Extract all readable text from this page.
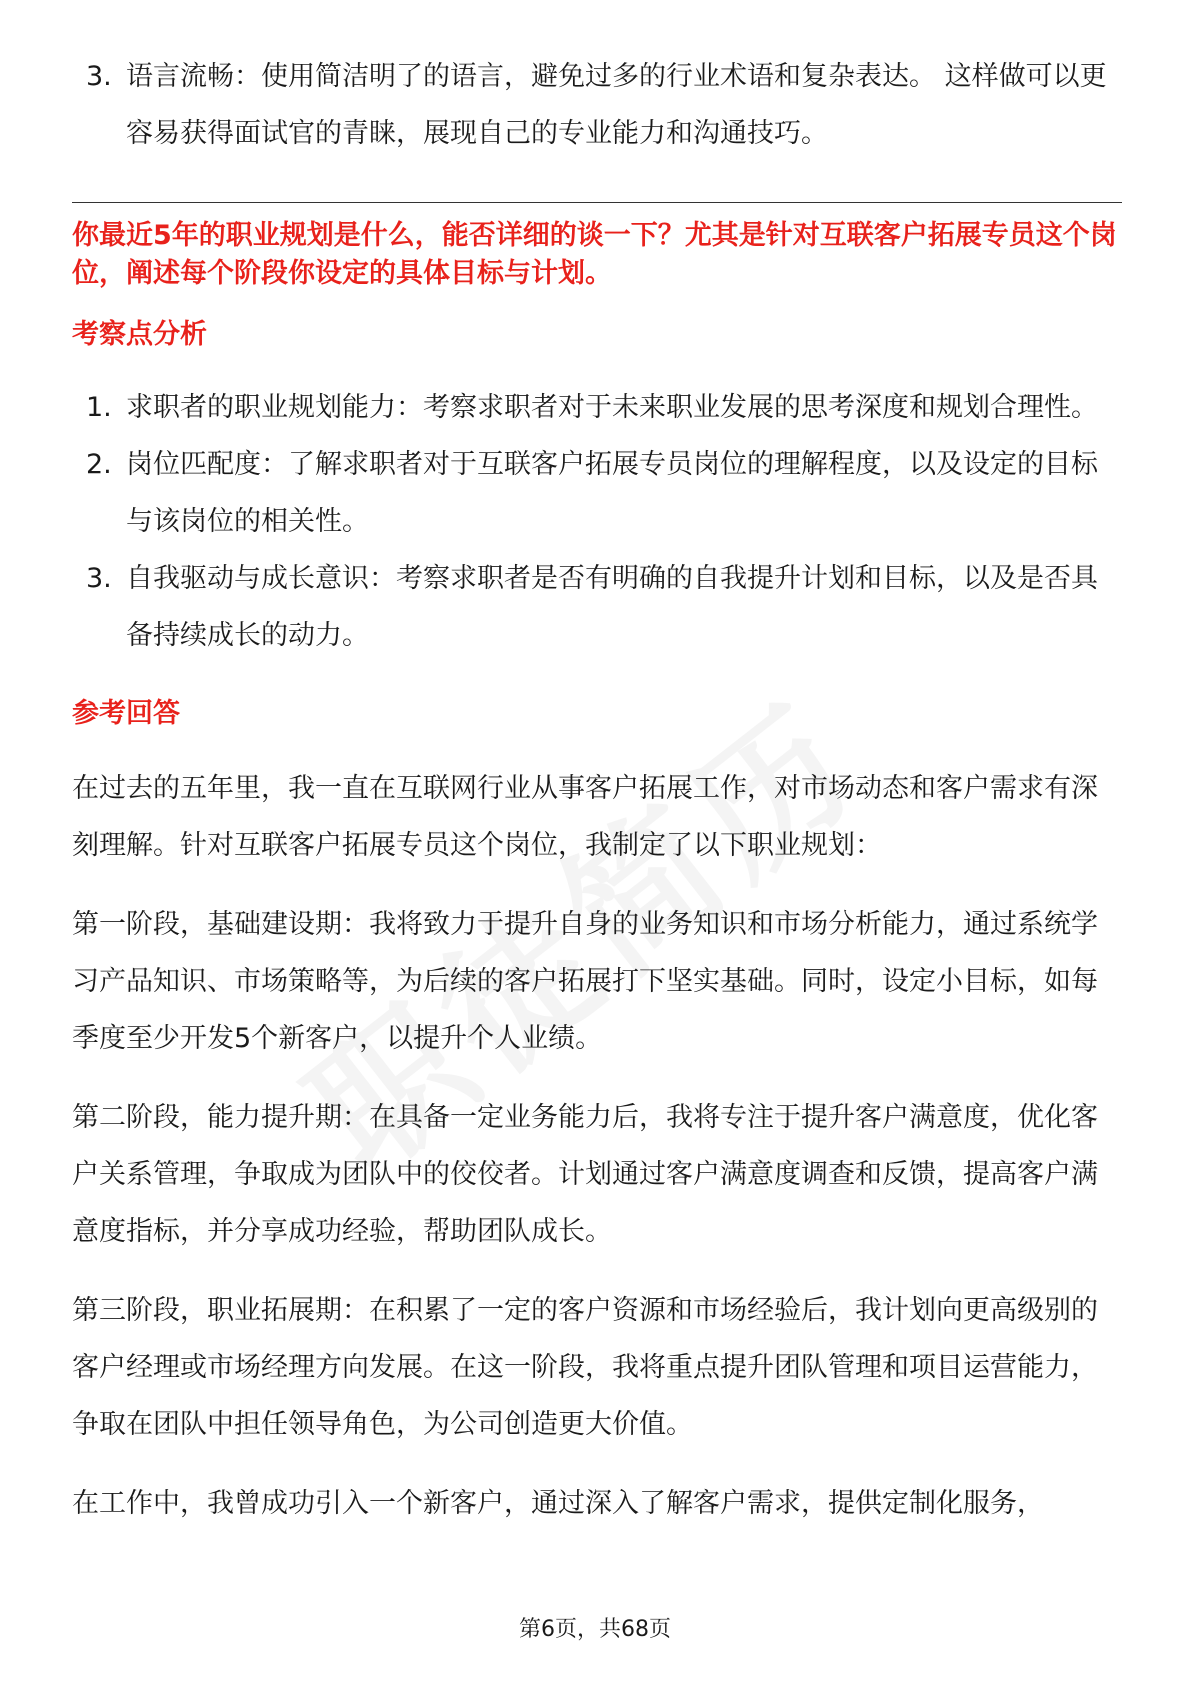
3. 语言流畅：使用简洁明了的语言，避免过多的行业术语和复杂表达。 这样做可以更容易获得面试官的青睐，展现自己的专业能力和沟通技巧。
你最近5年的职业规划是什么，能否详细的谈一下？尤其是针对互联客户拓展专员这个岗位，阐述每个阶段你设定的具体目标与计划。
考察点分析
1. 求职者的职业规划能力：考察求职者对于未来职业发展的思考深度和规划合理性。
2. 岗位匹配度：了解求职者对于互联客户拓展专员岗位的理解程度，以及设定的目标与该岗位的相关性。
3. 自我驱动与成长意识：考察求职者是否有明确的自我提升计划和目标，以及是否具备持续成长的动力。
参考回答

在过去的五年里，我一直在互联网行业从事客户拓展工作，对市场动态和客户需求有深刻理解。针对互联客户拓展专员这个岗位，我制定了以下职业规划：

第一阶段，基础建设期：我将致力于提升自身的业务知识和市场分析能力，通过系统学习产品知识、市场策略等，为后续的客户拓展打下坚实基础。同时，设定小目标，如每季度至少开发5个新客户，以提升个人业绩。

第二阶段，能力提升期：在具备一定业务能力后，我将专注于提升客户满意度，优化客户关系管理，争取成为团队中的佼佼者。计划通过客户满意度调查和反馈，提高客户满意度指标，并分享成功经验，帮助团队成长。

第三阶段，职业拓展期：在积累了一定的客户资源和市场经验后，我计划向更高级别的客户经理或市场经理方向发展。在这一阶段，我将重点提升团队管理和项目运营能力，争取在团队中担任领导角色，为公司创造更大价值。

在工作中，我曾成功引入一个新客户，通过深入了解客户需求，提供定制化服务，

第6页，共68页
